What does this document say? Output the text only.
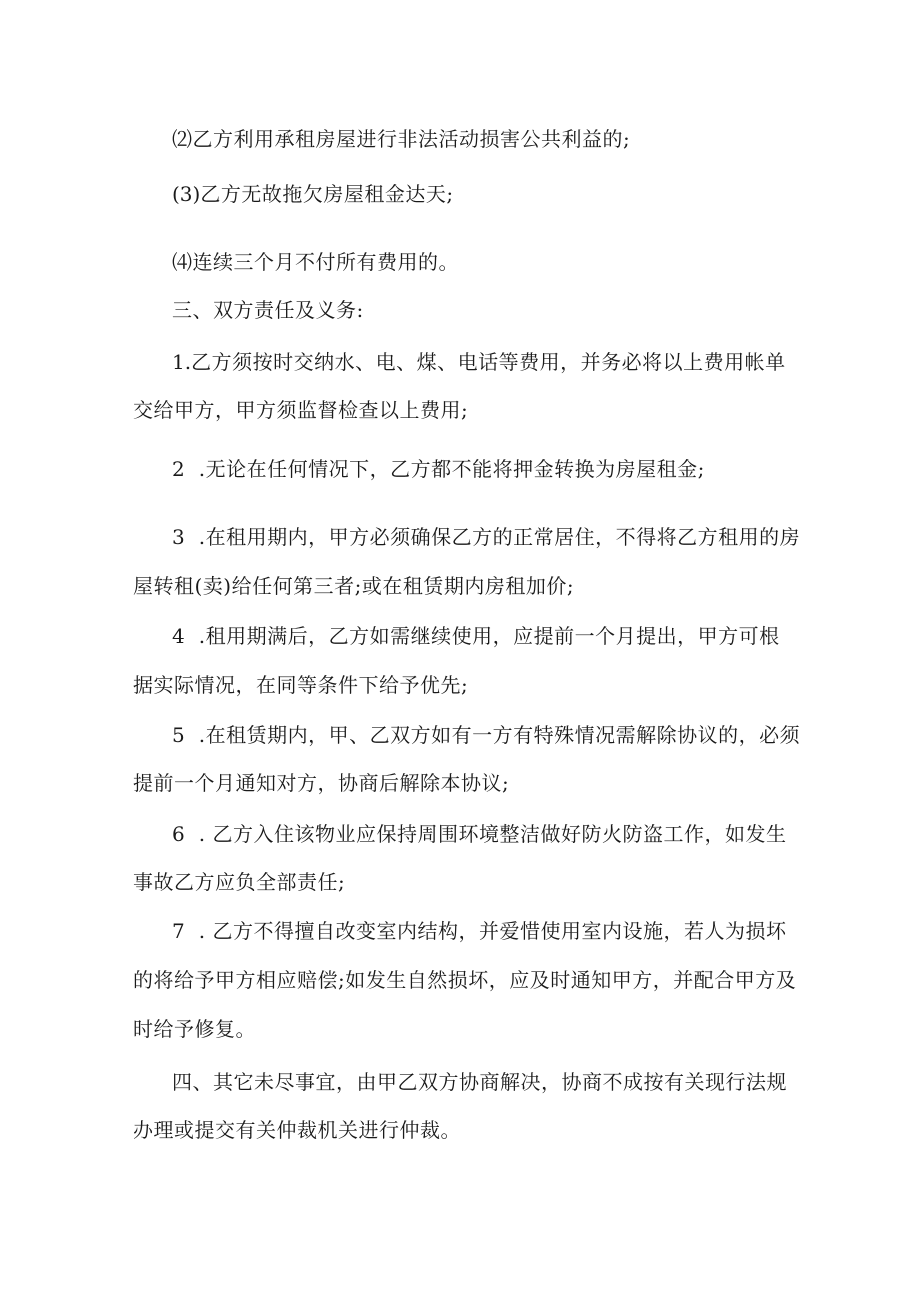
⑵乙方利用承租房屋进行非法活动损害公共利益的;
(3)乙方无故拖欠房屋租金达天;
⑷连续三个月不付所有费用的。
三、双方责任及义务:
1.乙方须按时交纳水、电、煤、电话等费用，并务必将以上费用帐单
交给甲方，甲方须监督检查以上费用;
2 .无论在任何情况下，乙方都不能将押金转换为房屋租金;
3 .在租用期内，甲方必须确保乙方的正常居住，不得将乙方租用的房
屋转租(卖)给任何第三者;或在租赁期内房租加价;
4 .租用期满后，乙方如需继续使用，应提前一个月提出，甲方可根
据实际情况，在同等条件下给予优先;
5 .在租赁期内，甲、乙双方如有一方有特殊情况需解除协议的，必须
提前一个月通知对方，协商后解除本协议;
6 . 乙方入住该物业应保持周围环境整洁做好防火防盗工作，如发生
事故乙方应负全部责任;
7 . 乙方不得擅自改变室内结构，并爱惜使用室内设施，若人为损坏
的将给予甲方相应赔偿;如发生自然损坏，应及时通知甲方，并配合甲方及
时给予修复。
四、其它未尽事宜，由甲乙双方协商解决，协商不成按有关现行法规
办理或提交有关仲裁机关进行仲裁。
